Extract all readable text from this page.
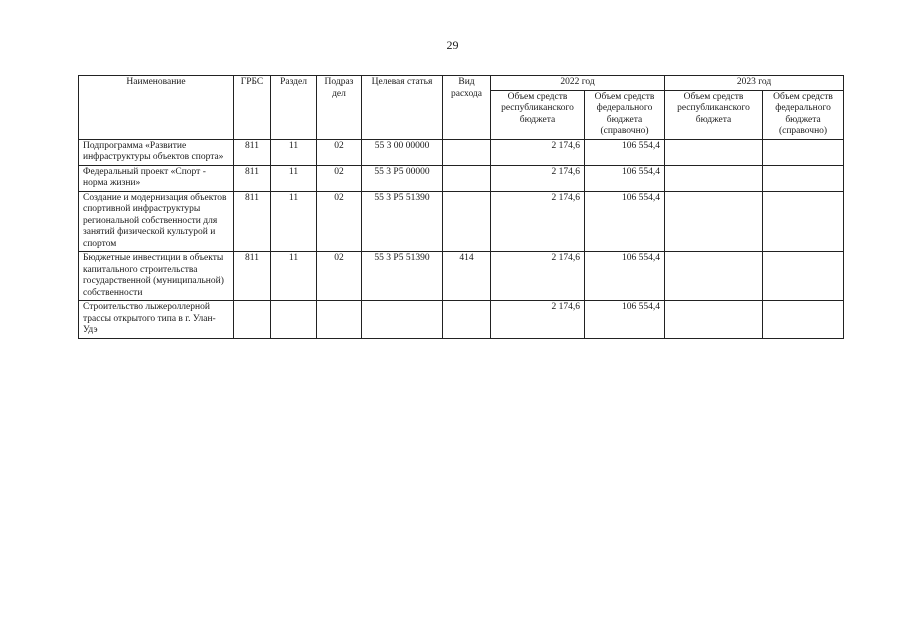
29
Наименование	ГРБС	Раздел	Подраз дел	Целевая статья	Вид расхода	2022 год		2023 год	
						Объем средств республиканского бюджета	Объем средств федерального бюджета (справочно)	Объем средств республиканского бюджета	Объем средств федерального бюджета (справочно)
Подпрограмма «Развитие инфраструктуры объектов спорта»	811	11	02	55 3 00 00000		2 174,6	106 554,4		
Федеральный проект «Спорт - норма жизни»	811	11	02	55 3 Р5 00000		2 174,6	106 554,4		
Создание и модернизация объектов спортивной инфраструктуры региональной собственности для занятий физической культурой и спортом	811	11	02	55 3 Р5 51390		2 174,6	106 554,4		
Бюджетные инвестиции в объекты капитального строительства государственной (муниципальной) собственности	811	11	02	55 3 Р5 51390	414	2 174,6	106 554,4		
Строительство лыжероллерной трассы открытого типа в г. Улан-Удэ						2 174,6	106 554,4		
